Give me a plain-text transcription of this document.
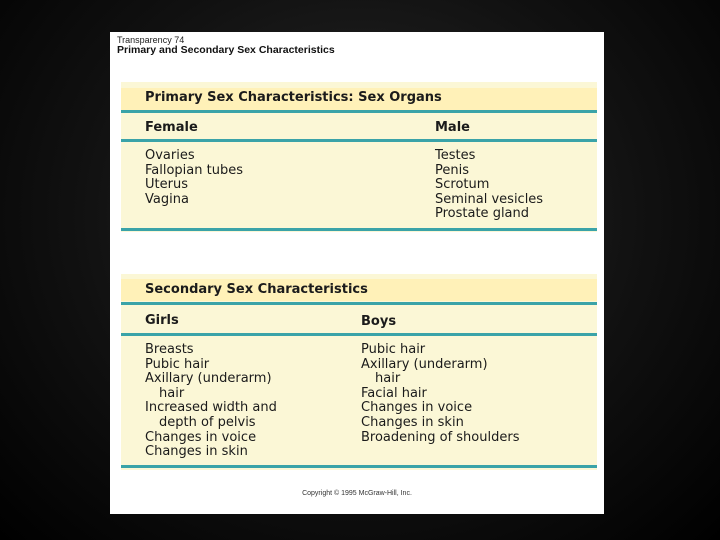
Transparency 74
Primary and Secondary Sex Characteristics
Primary Sex Characteristics: Sex Organs
Female	Male
Ovaries
Fallopian tubes
Uterus
Vagina
Testes
Penis
Scrotum
Seminal vesicles
Prostate gland
Secondary Sex Characteristics
Girls	Boys
Breasts
Pubic hair
Axillary (underarm)
hair
Increased width and
depth of pelvis
Changes in voice
Changes in skin
Pubic hair
Axillary (underarm)
hair
Facial hair
Changes in voice
Changes in skin
Broadening of shoulders
Copyright © 1995 McGraw-Hill, Inc.
